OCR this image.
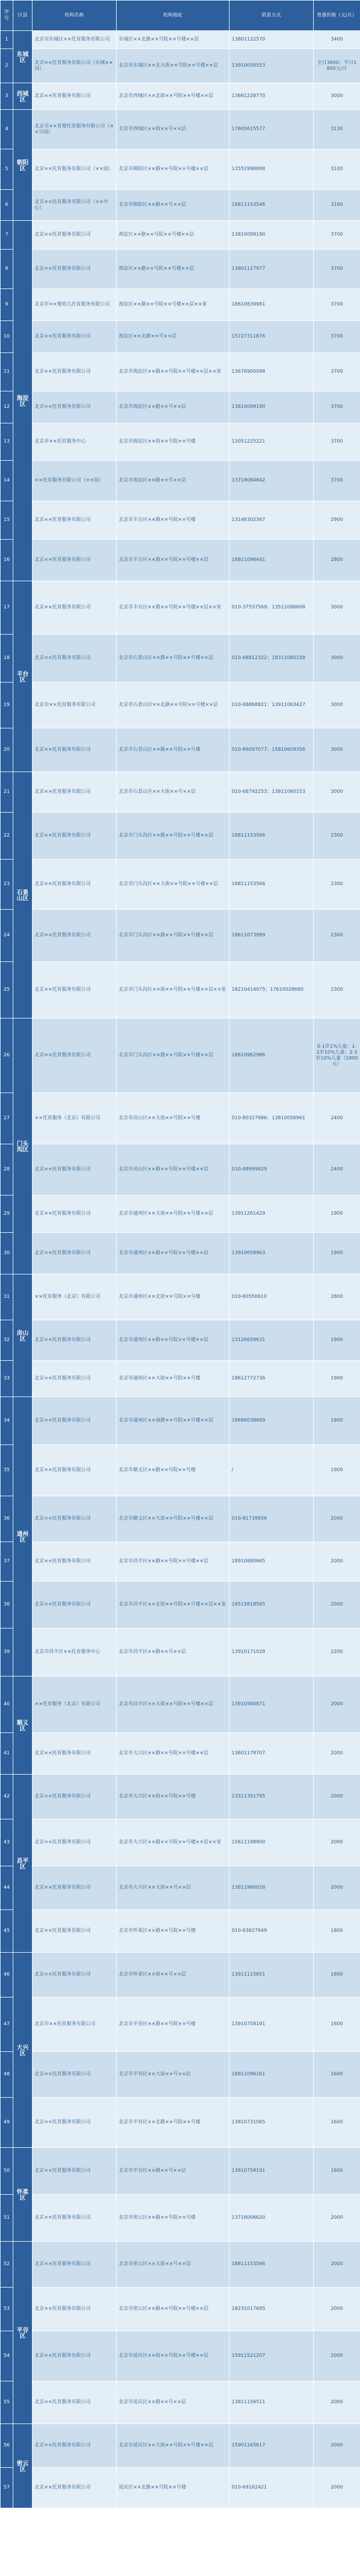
序号	区县	机构名称	机构地址	联系方式	普惠价格（元/月）
1	东城区	北京市东城区××托育服务有限公司	东城区××北路××号院××号楼××层	13801122570	3400
2		北京××托育服务有限公司（东城××园）	北京市东城区××北大街××号院××号楼××层	13910050553	全日3600；半日1800元/月
3	西城区	北京××托育服务有限公司	北京市西城区××北街××号院××号楼××层	13661228770	3000
4	朝阳区	北京市××育婴托育服务有限公司（××分园）	北京市西城区××街××号××层	17600615577	3130
5		北京××托育服务有限公司（××园）	北京市朝阳区××路××号院××号楼××层	13552996898	3100
6		北京××托育服务有限公司（××中心）	北京市朝阳区××路××号××层	18811153546	3100
7	海淀区	北京××托育服务有限公司	海淀区××路××号院××号楼××层	13810099190	3700
8		北京××托育服务有限公司	海淀区××路××号院××号楼××层	13801127977	3700
9		北京市××婴幼儿托育服务有限公司	海淀区××路××号院××号楼××层××室	18610839981	3700
10		北京××托育服务有限公司	海淀区××北路××号××层	15727311876	3700
11		北京××托育服务有限公司	北京市海淀区××路××号院××号楼××层××室	13676900098	3700
12		北京××托育服务有限公司	北京市海淀区××路××号××层	13810099190	3700
13		北京市××托育服务中心	北京市海淀区××街××号院××号楼	13051225221	3700
14		××托育服务有限公司（××园）	北京市海淀区××路××号××层	13718084842	3700
15		北京××托育服务有限公司	北京市丰台区××路××号院××号楼	13146302367	2900
16		北京××托育服务有限公司	北京市丰台区××路××号院××号楼××层	18811096441	2800
17	丰台区	北京××托育服务有限公司	北京市丰台区××路××号院××号楼××层××室	010-37537569；13511086608	3000
18		北京××托育服务有限公司	北京市石景山区××路××号院××号楼××层	010-68812322；18311085158	3000
19		北京市××托育服务有限公司	北京市石景山区××北路××号院××号楼××层	010-68868821；13911063427	3000
20		北京××托育服务有限公司	北京市石景山区××路××号院××号楼	010-86097077；15810609356	3000
21	石景山区	北京××托育服务有限公司	北京市石景山区××大街××号××层	010-68792253；13911060153	3000
22		北京××托育服务有限公司	北京市门头沟区××路××号院××号楼××层	18811153566	2300
23		北京××托育服务有限公司	北京市门头沟区××大街××号院××号楼××层	18811153566	2300
24		北京××托育服务有限公司	北京市门头沟区××路××号院××号楼××层	18611073999	2300
25		北京××托育服务有限公司	北京市门头沟区××街××号院××号楼××层××室	18210414975；17610028660	2300
26	门头沟区	北京××托育服务有限公司	北京市门头沟区××路××号院××号楼××层	18810962986	0-1岁1%儿童；1-2岁10%儿童；2-3岁10%儿童（1800元）
27		××托育服务（北京）有限公司	北京市房山区××大街××号院××号楼	010-80327986；13810056961	2400
28		北京××托育服务有限公司	北京市房山区××路××号院××号楼××层	010-88999929	2400
29		北京××托育服务有限公司	北京市通州区××大街××号院××号楼××层	13911261429	1900
30		北京××托育服务有限公司	北京市通州区××路××号院××号楼××层	13910658963	1900
31	房山区	××托育服务（北京）有限公司	北京市通州区××北街××号院××号楼	010-60550610	2800
32		北京××托育服务有限公司	北京市通州区××路××号院××号楼××层	13126659631	1900
33		北京××托育服务有限公司	北京市通州区××大街××号院××号楼	18612772736	1900
34	通州区	北京××托育服务有限公司	北京市通州区××南路××号院××号楼××层	18686038689	1900
35		北京××托育服务有限公司	北京市顺义区××路××号院××号楼	/	1900
36		北京××托育服务有限公司	北京市顺义区××大街××号院××号楼××层	010-81739956	2000
37		北京××托育服务有限公司	北京市昌平区××路××号院××号楼××层	18910880665	2000
38		北京××托育服务有限公司	北京市昌平区××北街××号院××号楼××层××室	18515818565	2000
39		北京市昌平区××托育服务中心	北京市昌平区××路××号××层	13910171028	2200
40	顺义区	××托育服务（北京）有限公司	北京市昌平区××大街××号院××号楼××层	13910560871	2000
41		北京××托育服务有限公司	北京市大兴区××路××号院××号楼××层	13601178707	2000
42	昌平区	北京××托育服务有限公司	北京市大兴区××街××号院××号楼	13311391795	2000
43		北京××托育服务有限公司	北京市大兴区××路××号院××号楼××层××室	15611198900	2000
44		北京××托育服务有限公司	北京市大兴区××大街××号××层	13811960028	2000
45		北京××托育服务有限公司	北京市怀柔区××路××号院××号楼	010-63627949	1800
46	大兴区	北京××托育服务有限公司	北京市怀柔区××街××号××层	13911115651	1800
47		北京市××托育服务有限公司	北京市平谷区××路××号院××号楼	13910758191	1600
48		北京××托育服务有限公司	北京市平谷区××大街××号××层	18911096161	1600
49		北京××托育服务有限公司	北京市平谷区××北路××号院××号楼	13810731065	1600
50	怀柔区	北京××托育服务有限公司	北京市平谷区××路××号××层	13910758191	1600
51		北京××托育服务有限公司	北京市密云区××路××号院××号楼	13716006620	2000
52	平谷区	北京××托育服务有限公司	北京市密云区××大街××号××层	18811153566	2000
53		北京××托育服务有限公司	北京市密云区××路××号院××号楼××层	18231017695	2000
54		北京××托育服务有限公司	北京市延庆区××街××号院××号楼××层	15911521207	2000
55		北京××托育服务有限公司	北京市延庆区××路××号××层	13811156511	2000
56	密云区	北京××托育服务有限公司	北京市延庆区××大街××号院××号楼××层	15901165617	2000
57		北京××托育服务有限公司	延庆区××北路××号院××号楼	010-69162421	2000
